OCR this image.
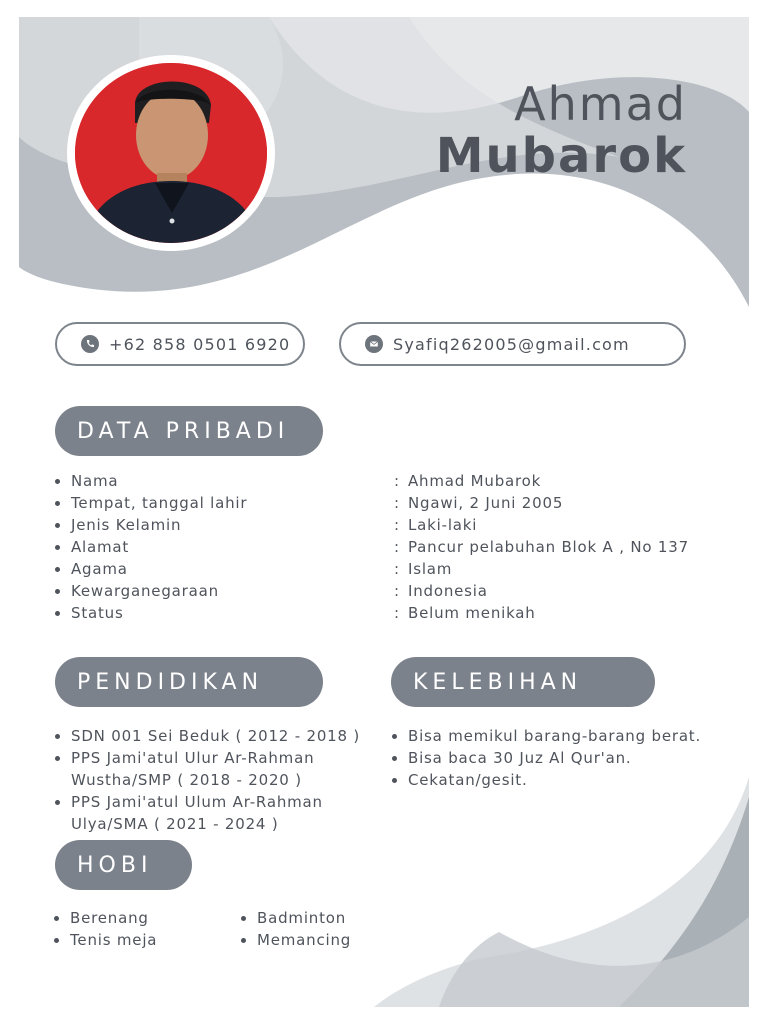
Ahmad
Mubarok
+62 858 0501 6920	Syafiq262005@gmail.com
DATA PRIBADI
Nama	: Ahmad Mubarok
Tempat, tanggal lahir	: Ngawi, 2 Juni 2005
Jenis Kelamin	: Laki-laki
Alamat	: Pancur pelabuhan Blok A , No 137
Agama	: Islam
Kewarganegaraan	: Indonesia
Status	: Belum menikah
PENDIDIKAN	KELEBIHAN
SDN 001 Sei Beduk ( 2012 - 2018 )
PPS Jami'atul Ulur Ar-Rahman
Wustha/SMP ( 2018 - 2020 )
PPS Jami'atul Ulum Ar-Rahman
Ulya/SMA ( 2021 - 2024 )
Bisa memikul barang-barang berat.
Bisa baca 30 Juz Al Qur'an.
Cekatan/gesit.
HOBI
Berenang
Tenis meja
Badminton
Memancing
